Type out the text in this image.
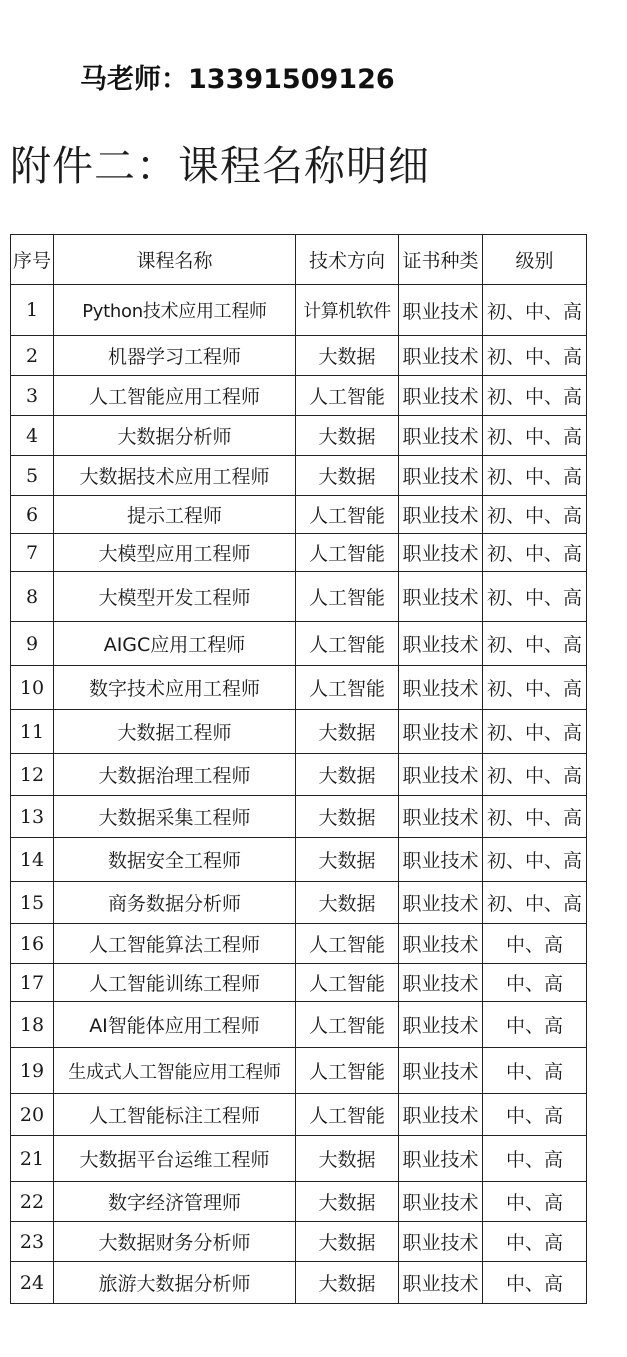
马老师：13391509126
附件二：课程名称明细
序号	课程名称	技术方向	证书种类	级别
1	Python技术应用工程师	计算机软件	职业技术	初、中、高
2	机器学习工程师	大数据	职业技术	初、中、高
3	人工智能应用工程师	人工智能	职业技术	初、中、高
4	大数据分析师	大数据	职业技术	初、中、高
5	大数据技术应用工程师	大数据	职业技术	初、中、高
6	提示工程师	人工智能	职业技术	初、中、高
7	大模型应用工程师	人工智能	职业技术	初、中、高
8	大模型开发工程师	人工智能	职业技术	初、中、高
9	AIGC应用工程师	人工智能	职业技术	初、中、高
10	数字技术应用工程师	人工智能	职业技术	初、中、高
11	大数据工程师	大数据	职业技术	初、中、高
12	大数据治理工程师	大数据	职业技术	初、中、高
13	大数据采集工程师	大数据	职业技术	初、中、高
14	数据安全工程师	大数据	职业技术	初、中、高
15	商务数据分析师	大数据	职业技术	初、中、高
16	人工智能算法工程师	人工智能	职业技术	中、高
17	人工智能训练工程师	人工智能	职业技术	中、高
18	AI智能体应用工程师	人工智能	职业技术	中、高
19	生成式人工智能应用工程师	人工智能	职业技术	中、高
20	人工智能标注工程师	人工智能	职业技术	中、高
21	大数据平台运维工程师	大数据	职业技术	中、高
22	数字经济管理师	大数据	职业技术	中、高
23	大数据财务分析师	大数据	职业技术	中、高
24	旅游大数据分析师	大数据	职业技术	中、高
